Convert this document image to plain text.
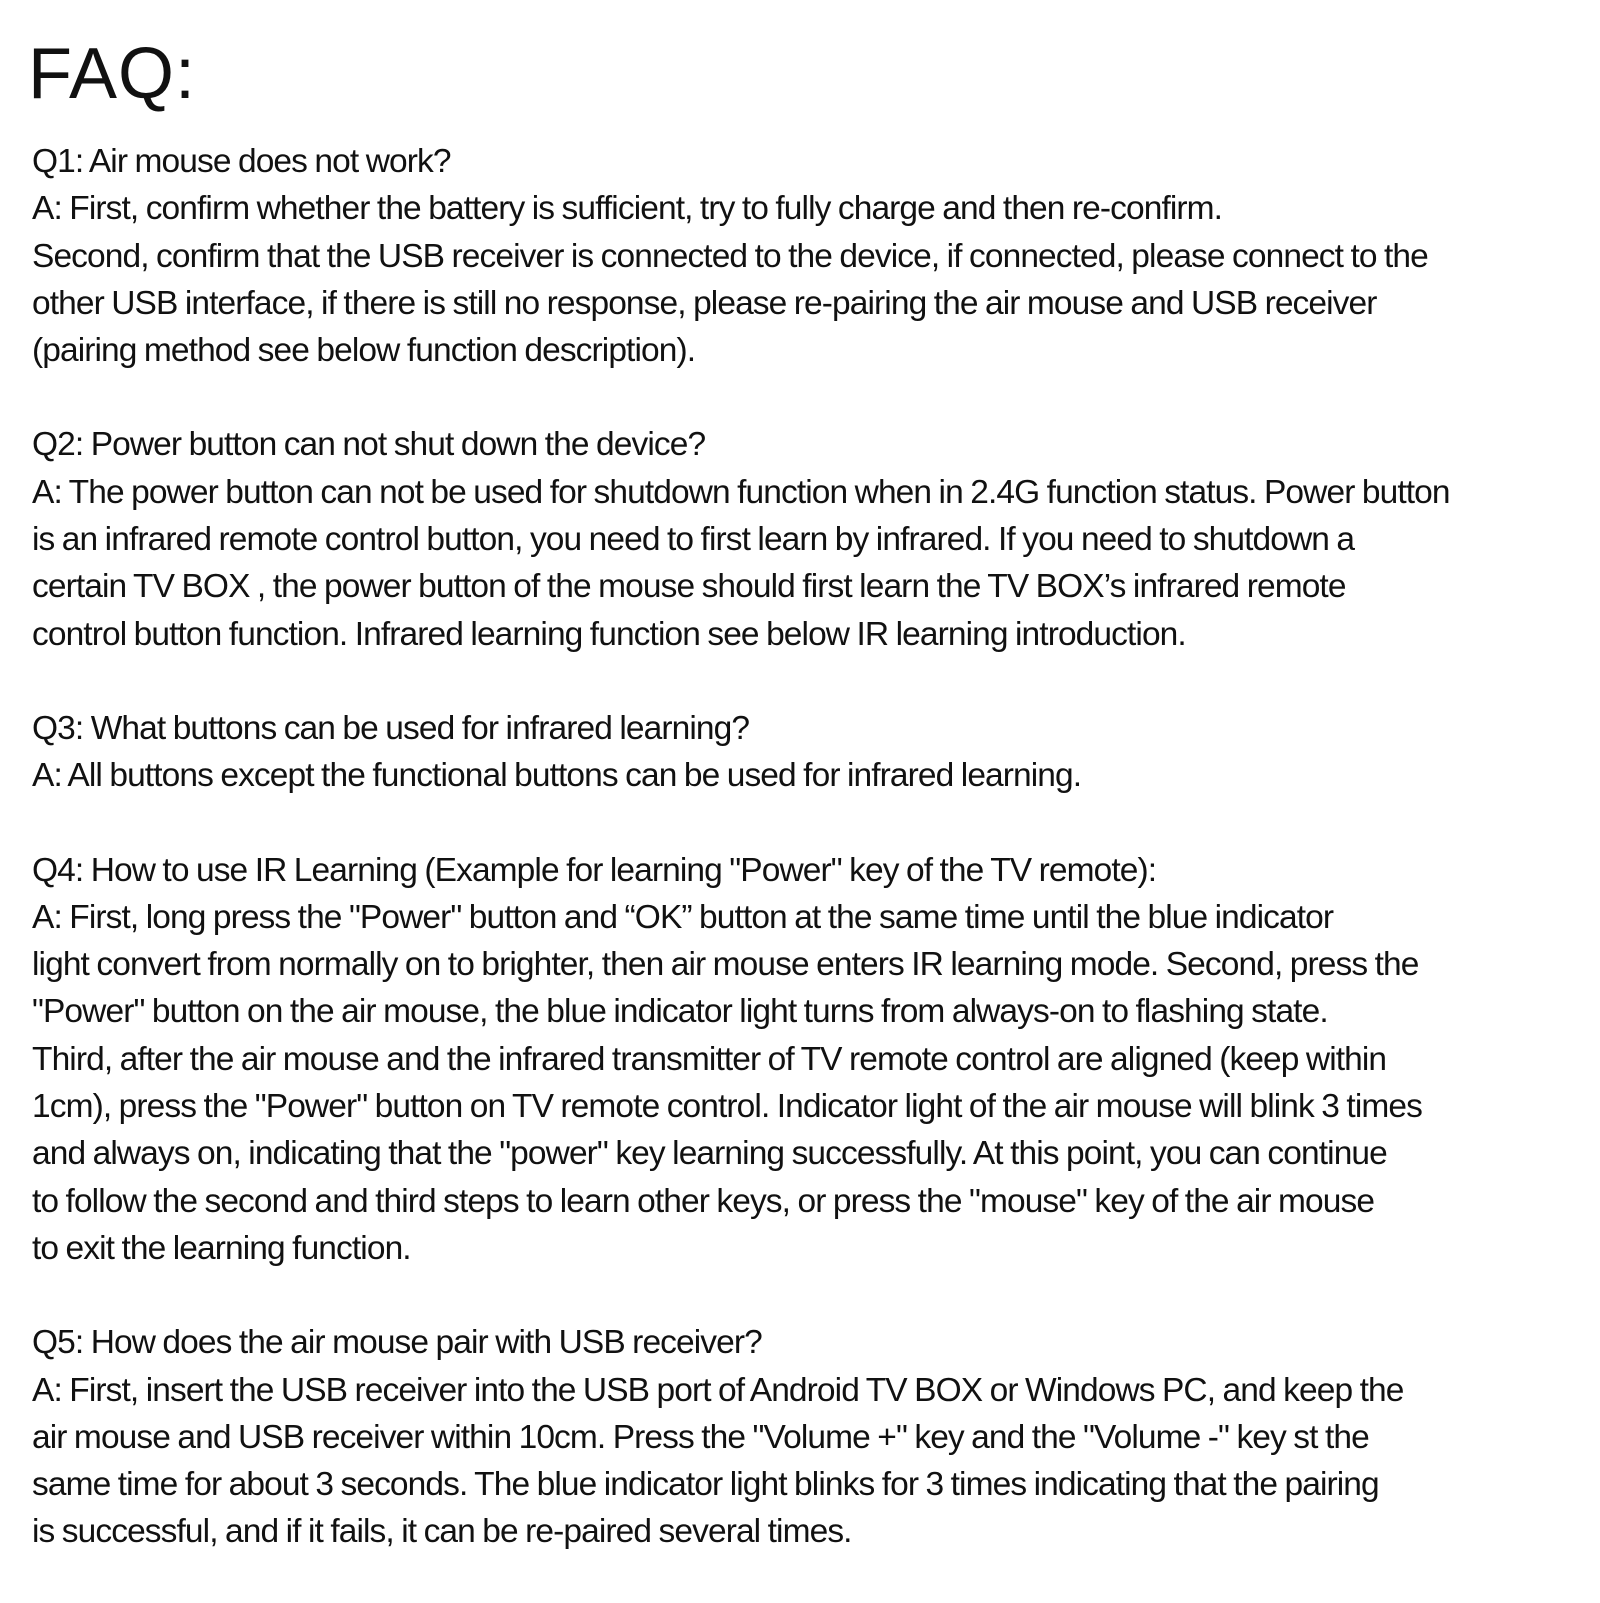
FAQ:

Q1: Air mouse does not work?

A: First, confirm whether the battery is sufficient, try to fully charge and then re-confirm.

Second, confirm that the USB receiver is connected to the device, if connected, please connect to the

other USB interface, if there is still no response, please re-pairing the air mouse and USB receiver

(pairing method see below function description).

Q2: Power button can not shut down the device?

A: The power button can not be used for shutdown function when in 2.4G function status. Power button

is an infrared remote control button, you need to first learn by infrared. If you need to shutdown a

certain TV BOX , the power button of the mouse should first learn the TV BOX’s infrared remote

control button function. Infrared learning function see below IR learning introduction.

Q3: What buttons can be used for infrared learning?

A: All buttons except the functional buttons can be used for infrared learning.

Q4: How to use IR Learning (Example for learning "Power" key of the TV remote):

A: First, long press the "Power" button and “OK” button at the same time until the blue indicator

light convert from normally on to brighter, then air mouse enters IR learning mode. Second, press the

"Power" button on the air mouse, the blue indicator light turns from always-on to flashing state.

Third, after the air mouse and the infrared transmitter of TV remote control are aligned (keep within

1cm), press the "Power" button on TV remote control. Indicator light of the air mouse will blink 3 times

and always on, indicating that the "power" key learning successfully. At this point, you can continue

to follow the second and third steps to learn other keys, or press the "mouse" key of the air mouse

to exit the learning function.

Q5: How does the air mouse pair with USB receiver?

A: First, insert the USB receiver into the USB port of Android TV BOX or Windows PC, and keep the

air mouse and USB receiver within 10cm. Press the "Volume +" key and the "Volume -" key st the

same time for about 3 seconds. The blue indicator light blinks for 3 times indicating that the pairing

is successful, and if it fails, it can be re-paired several times.
